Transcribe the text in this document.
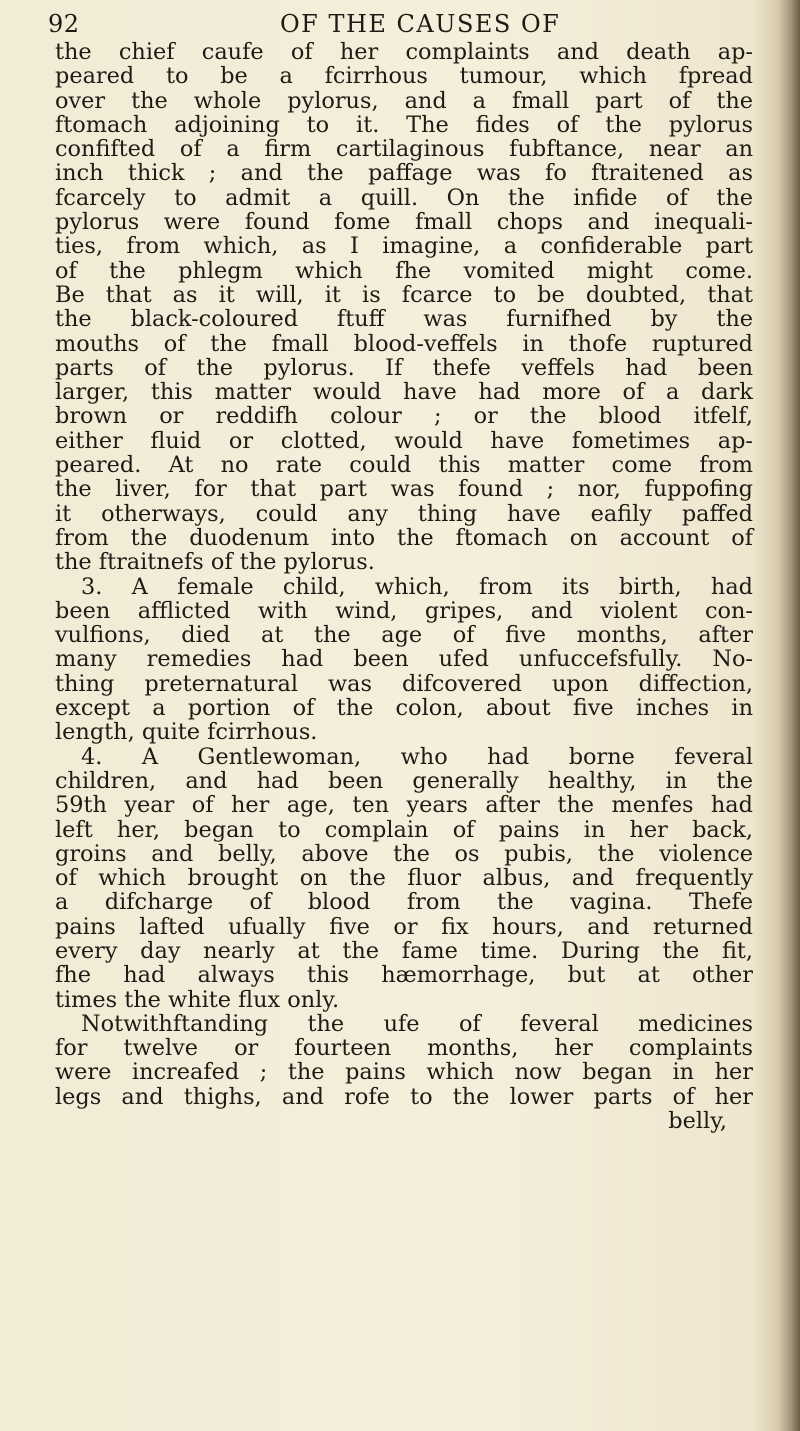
92	OF THE CAUSES OF
the chief caufe of her complaints and death ap-
peared to be a fcirrhous tumour, which fpread
over the whole pylorus, and a fmall part of the
ftomach adjoining to it. The fides of the pylorus
confifted of a firm cartilaginous fubftance, near an
inch thick ; and the paffage was fo ftraitened as
fcarcely to admit a quill. On the infide of the
pylorus were found fome fmall chops and inequali-
ties, from which, as I imagine, a confiderable part
of the phlegm which fhe vomited might come.
Be that as it will, it is fcarce to be doubted, that
the black-coloured ftuff was furnifhed by the
mouths of the fmall blood-veffels in thofe ruptured
parts of the pylorus. If thefe veffels had been
larger, this matter would have had more of a dark
brown or reddifh colour ; or the blood itfelf,
either fluid or clotted, would have fometimes ap-
peared. At no rate could this matter come from
the liver, for that part was found ; nor, fuppofing
it otherways, could any thing have eafily paffed
from the duodenum into the ftomach on account of
the ftraitnefs of the pylorus.
3. A female child, which, from its birth, had
been afflicted with wind, gripes, and violent con-
vulfions, died at the age of five months, after
many remedies had been ufed unfuccefsfully. No-
thing preternatural was difcovered upon diffection,
except a portion of the colon, about five inches in
length, quite fcirrhous.
4. A Gentlewoman, who had borne feveral
children, and had been generally healthy, in the
59th year of her age, ten years after the menfes had
left her, began to complain of pains in her back,
groins and belly, above the os pubis, the violence
of which brought on the fluor albus, and frequently
a difcharge of blood from the vagina. Thefe
pains lafted ufually five or fix hours, and returned
every day nearly at the fame time. During the fit,
fhe had always this hæmorrhage, but at other
times the white flux only.
Notwithftanding the ufe of feveral medicines
for twelve or fourteen months, her complaints
were increafed ; the pains which now began in her
legs and thighs, and rofe to the lower parts of her
belly,
